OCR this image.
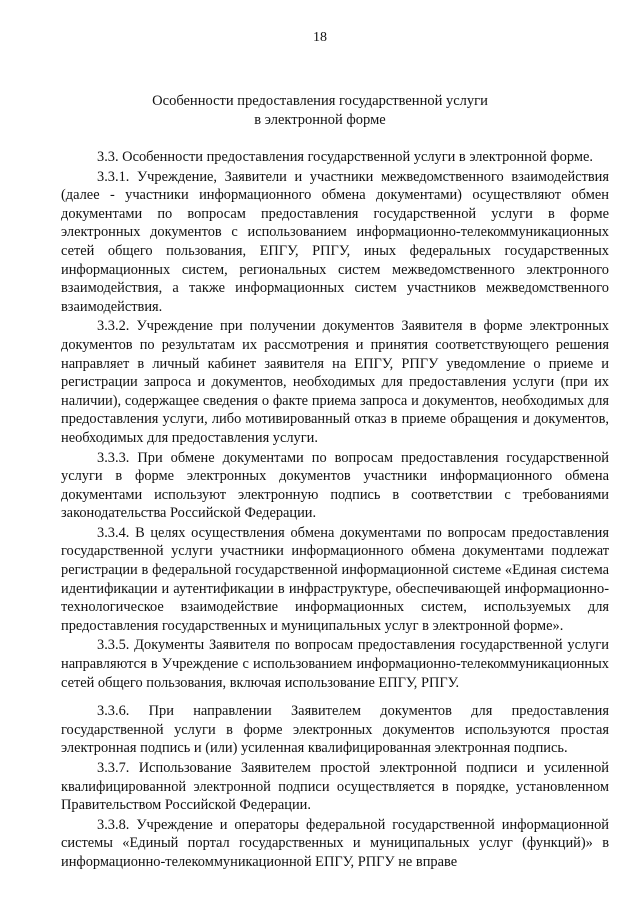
18
Особенности предоставления государственной услуги
в электронной форме

3.3. Особенности предоставления государственной услуги в электронной форме.

3.3.1. Учреждение, Заявители и участники межведомственного взаимодействия (далее - участники информационного обмена документами) осуществляют обмен документами по вопросам предоставления государственной услуги в форме электронных документов с использованием информационно-телекоммуникационных сетей общего пользования, ЕПГУ, РПГУ, иных федеральных государственных информационных систем, региональных систем межведомственного электронного взаимодействия, а также информационных систем участников межведомственного взаимодействия.

3.3.2. Учреждение при получении документов Заявителя в форме электронных документов по результатам их рассмотрения и принятия соответствующего решения направляет в личный кабинет заявителя на ЕПГУ, РПГУ уведомление о приеме и регистрации запроса и документов, необходимых для предоставления услуги (при их наличии), содержащее сведения о факте приема запроса и документов, необходимых для предоставления услуги, либо мотивированный отказ в приеме обращения и документов, необходимых для предоставления услуги.

3.3.3. При обмене документами по вопросам предоставления государственной услуги в форме электронных документов участники информационного обмена документами используют электронную подпись в соответствии с требованиями законодательства Российской Федерации.

3.3.4. В целях осуществления обмена документами по вопросам предоставления государственной услуги участники информационного обмена документами подлежат регистрации в федеральной государственной информационной системе «Единая система идентификации и аутентификации в инфраструктуре, обеспечивающей информационно-технологическое взаимодействие информационных систем, используемых для предоставления государственных и муниципальных услуг в электронной форме».

3.3.5. Документы Заявителя по вопросам предоставления государственной услуги направляются в Учреждение с использованием информационно-телекоммуникационных сетей общего пользования, включая использование ЕПГУ, РПГУ.

3.3.6. При направлении Заявителем документов для предоставления государственной услуги в форме электронных документов используются простая электронная подпись и (или) усиленная квалифицированная электронная подпись.

3.3.7. Использование Заявителем простой электронной подписи и усиленной квалифицированной электронной подписи осуществляется в порядке, установленном Правительством Российской Федерации.

3.3.8. Учреждение и операторы федеральной государственной информационной системы «Единый портал государственных и муниципальных услуг (функций)» в информационно-телекоммуникационной ЕПГУ, РПГУ не вправе
